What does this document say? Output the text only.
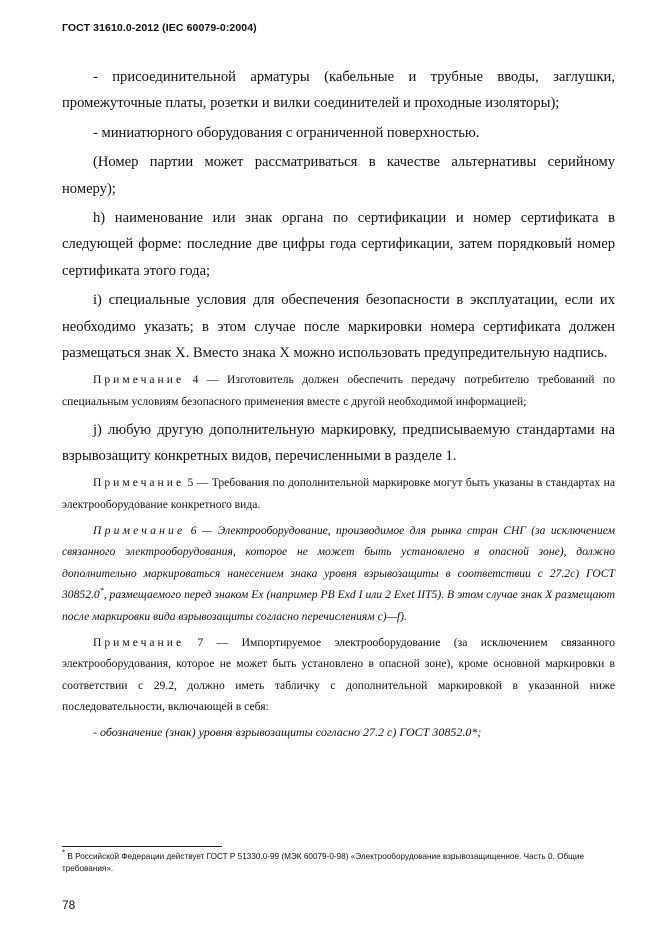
ГОСТ 31610.0-2012 (IEC 60079-0:2004)

- присоединительной арматуры (кабельные и трубные вводы, заглушки, промежуточные платы, розетки и вилки соединителей и проходные изоляторы);

- миниатюрного оборудования с ограниченной поверхностью.

(Номер партии может рассматриваться в качестве альтернативы серийному номеру);

h) наименование или знак органа по сертификации и номер сертификата в следующей форме: последние две цифры года сертификации, затем порядковый номер сертификата этого года;

i) специальные условия для обеспечения безопасности в эксплуатации, если их необходимо указать; в этом случае после маркировки номера сертификата должен размещаться знак X. Вместо знака X можно использовать предупредительную надпись.

Примечание 4 — Изготовитель должен обеспечить передачу потребителю требований по специальным условиям безопасного применения вместе с другой необходимой информацией;

j) любую другую дополнительную маркировку, предписываемую стандартами на взрывозащиту конкретных видов, перечисленными в разделе 1.

Примечание 5 — Требования по дополнительной маркировке могут быть указаны в стандартах на электрооборудование конкретного вида.

Примечание 6 — Электрооборудование, производимое для рынка стран СНГ (за исключением связанного электрооборудования, которое не может быть установлено в опасной зоне), должно дополнительно маркироваться нанесением знака уровня взрывозащиты в соответствии с 27.2с) ГОСТ 30852.0*, размещаемого перед знаком Ex (например PB Exd I или 2 Exеt IIT5). В этом случае знак X размещают после маркировки вида взрывозащиты согласно перечислениям с)—f).

Примечание 7 — Импортируемое электрооборудование (за исключением связанного электрооборудования, которое не может быть установлено в опасной зоне), кроме основной маркировки в соответствии с 29.2, должно иметь табличку с дополнительной маркировкой в указанной ниже последовательности, включающей в себя:

- обозначение (знак) уровня взрывозащиты согласно 27.2 с) ГОСТ 30852.0*;

* В Российской Федерации действует ГОСТ Р 51330.0-99 (МЭК 60079-0-98) «Электрооборудование взрывозащищенное. Часть 0. Общие требования».
78
